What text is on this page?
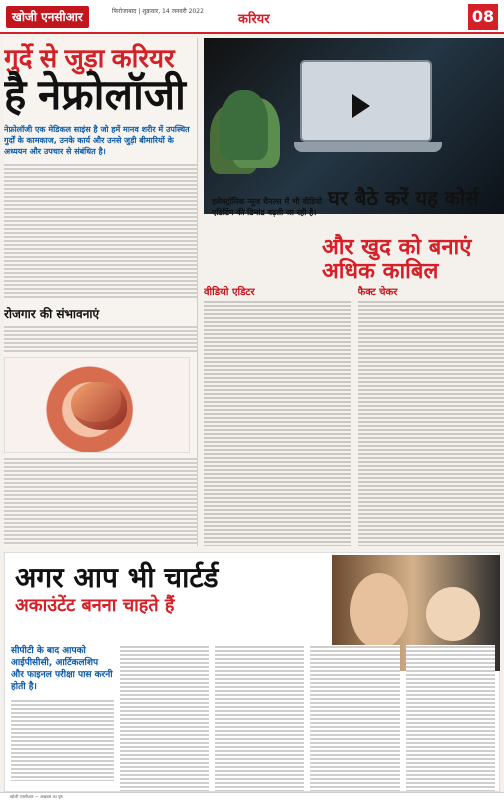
खोजी एनसीआर	फिरोजाबाद | शुक्रवार, 14 जनवरी 2022
करियर	08
गुर्दे से जुड़ा करियर
है नेफ्रोलॉजी
नेफ्रोलॉजी एक मेडिकल साइंस है जो हमें मानव शरीर में उपस्थित गुर्दों के कामकाज, उनके कार्य और उनसे जुड़ी बीमारियों के अध्ययन और उपचार से संबंधित है।
रोजगार की संभावनाएं
इलेक्ट्रॉनिक न्यूज चैनल्स में भी वीडियो एडिटिंग की डिमांड बढ़ती जा रही है।
घर बैठे करें यह कोर्स
और खुद को बनाएं अधिक काबिल
वीडियो एडिटर	फैक्ट चेकर
अगर आप भी चार्टर्ड
अकाउंटेंट बनना चाहते हैं
सीपीटी के बाद आपको आईपीसीसी, आर्टिकलशिप और फाइनल परीक्षा पास करनी होती है।
खोजी एनसीआर — अखबार का पृष्ठ
